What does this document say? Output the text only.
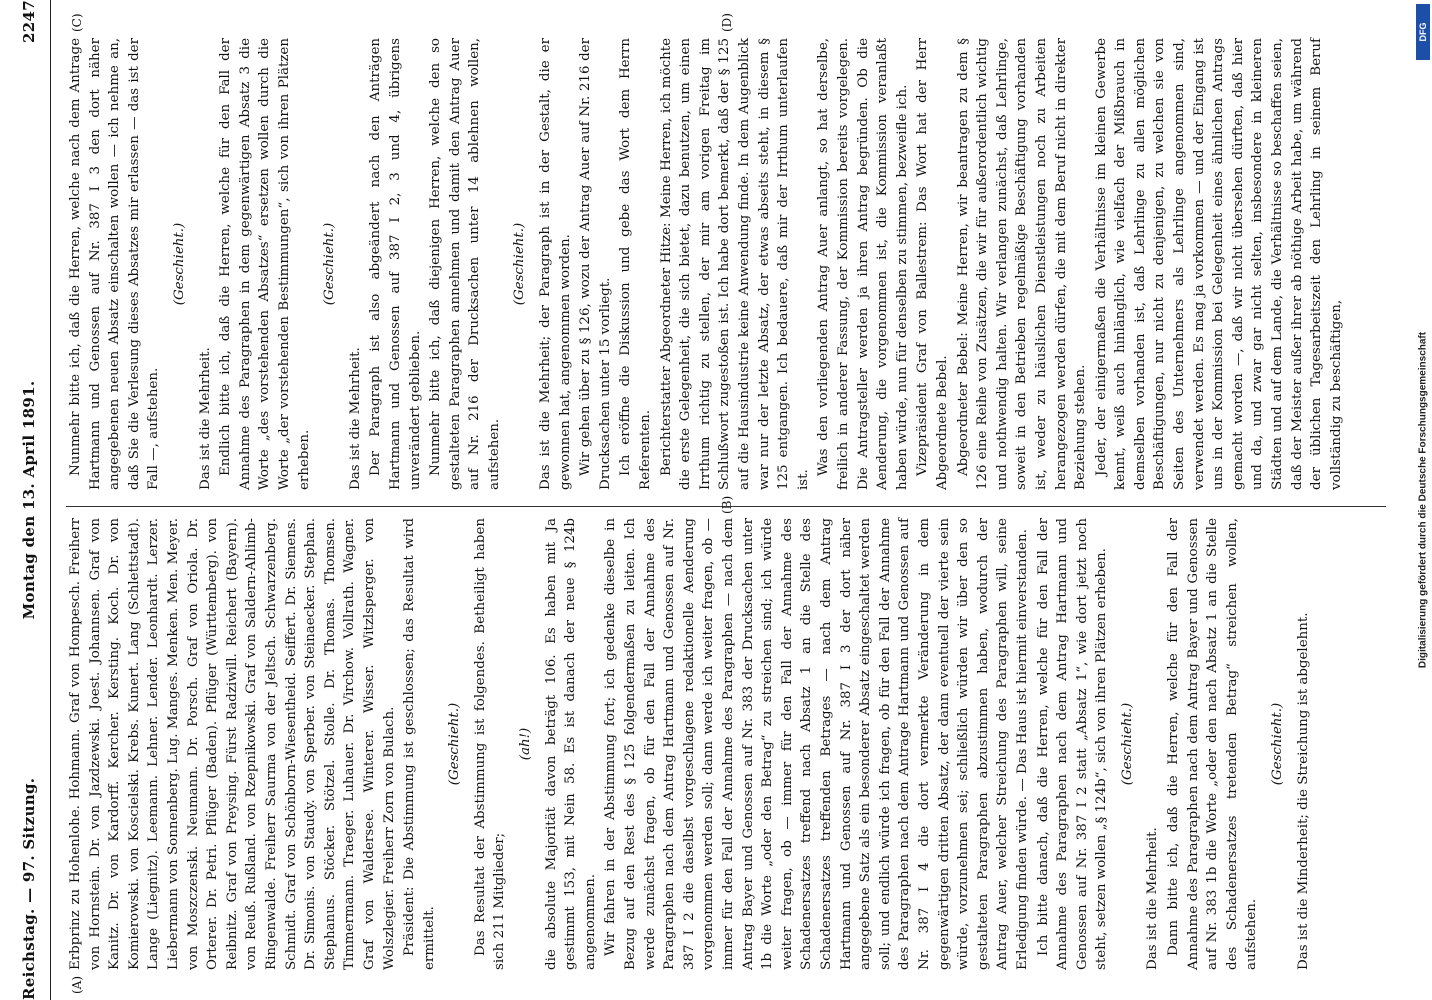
Reichstag. — 97. Sitzung.
Montag den 13. April 1891.
2247
(A)
(B)
(C)	(D)

Erbprinz zu Hohenlohe. Hohmann. Graf von Hompesch. Freiherr von Hornstein. Dr. von Jazdzewski. Joest. Johannsen. Graf von Kanitz. Dr. von Kardorff. Kercher. Kersting. Koch. Dr. von Komierowski. von Koscielski. Krebs. Kunert. Lang (Schlettstadt). Lange (Liegnitz). Leemann. Lehner. Lender. Leonhardt. Lerzer. Liebermann von Sonnenberg. Lug. Manges. Menken. Men. Meyer. von Moszczenski. Neumann. Dr. Porsch. Graf von Oriola. Dr. Orterer. Dr. Petri. Pflüger (Baden). Pflüger (Württemberg). von Reibnitz. Graf von Preysing. Fürst Radziwill. Reichert (Bayern). von Reuß. Rußland. von Rzepnikowski. Graf von Saldern-Ahlimb-Ringenwalde. Freiherr Saurma von der Jeltsch. Schwarzenberg. Schmidt. Graf von Schönborn-Wiesentheid. Seiffert. Dr. Siemens. Dr. Simonis. von Staudy. von Sperber. von Steinaecker. Stephan. Stephanus. Stöcker. Stötzel. Stolle. Dr. Thomas. Thomsen. Timmermann. Traeger. Luhauer. Dr. Virchow. Vollrath. Wagner. Graf von Waldersee. Winterer. Wisser. Witzlsperger. von Wolszlegier. Freiherr Zorn von Bulach. Präsident: Die Abstimmung ist geschlossen; das Resultat wird ermittelt.

(Geschieht.) Das Resultat der Abstimmung ist folgendes. Betheiligt haben sich 211 Mitglieder;

(ah!) die absolute Majorität davon beträgt 106. Es haben mit Ja gestimmt 153, mit Nein 58. Es ist danach der neue § 124b angenommen. Wir fahren in der Abstimmung fort; ich gedenke dieselbe in Bezug auf den Rest des § 125 folgendermaßen zu leiten. Ich werde zunächst fragen, ob für den Fall der Annahme des Paragraphen nach dem Antrag Hartmann und Genossen auf Nr. 387 I 2 die daselbst vorgeschlagene redaktionelle Aenderung vorgenommen werden soll; dann werde ich weiter fragen, ob — immer für den Fall der Annahme des Paragraphen — nach dem Antrag Bayer und Genossen auf Nr. 383 der Drucksachen unter 1b die Worte „oder den Betrag“ zu streichen sind; ich würde weiter fragen, ob — immer für den Fall der Annahme des Schadenersatzes treffend nach Absatz 1 an die Stelle des Schadenersatzes treffenden Betrages — nach dem Antrag Hartmann und Genossen auf Nr. 387 I 3 der dort näher angegebene Satz als ein besonderer Absatz eingeschaltet werden soll; und endlich würde ich fragen, ob für den Fall der Annahme des Paragraphen nach dem Antrage Hartmann und Genossen auf Nr. 387 I 4 die dort vermerkte Veränderung in dem gegenwärtigen dritten Absatz, der dann eventuell der vierte sein würde, vorzunehmen sei; schließlich würden wir über den so gestalteten Paragraphen abzustimmen haben, wodurch der Antrag Auer, welcher Streichung des Paragraphen will, seine Erledigung finden würde. — Das Haus ist hiermit einverstanden. Ich bitte danach, daß die Herren, welche für den Fall der Annahme des Paragraphen nach dem Antrag Hartmann und Genossen auf Nr. 387 I 2 statt „Absatz 1“, wie dort jetzt noch steht, setzen wollen „§ 124b“, sich von ihren Plätzen erheben. (Geschieht.)

Das ist die Mehrheit. Dann bitte ich, daß die Herren, welche für den Fall der Annahme des Paragraphen nach dem Antrag Bayer und Genossen auf Nr. 383 1b die Worte „oder den nach Absatz 1 an die Stelle des Schadenersatzes tretenden Betrag“ streichen wollen, aufstehen.

(Geschieht.) Das ist die Minderheit; die Streichung ist abgelehnt.

Nunmehr bitte ich, daß die Herren, welche nach dem Antrage Hartmann und Genossen auf Nr. 387 I 3 den dort näher angegebenen neuen Absatz einschalten wollen — ich nehme an, daß Sie die Verlesung dieses Absatzes mir erlassen — das ist der Fall —, aufstehen.

(Geschieht.)

Das ist die Mehrheit. Endlich bitte ich, daß die Herren, welche für den Fall der Annahme des Paragraphen in dem gegenwärtigen Absatz 3 die Worte „des vorstehenden Absatzes“ ersetzen wollen durch die Worte „der vorstehenden Bestimmungen“, sich von ihren Plätzen erheben.

(Geschieht.)

Das ist die Mehrheit. Der Paragraph ist also abgeändert nach den Anträgen Hartmann und Genossen auf 387 I 2, 3 und 4, übrigens unverändert geblieben. Nunmehr bitte ich, daß diejenigen Herren, welche den so gestalteten Paragraphen annehmen und damit den Antrag Auer auf Nr. 216 der Drucksachen unter 14 ablehnen wollen, aufstehen.

(Geschieht.) Das ist die Mehrheit; der Paragraph ist in der Gestalt, die er gewonnen hat, angenommen worden. Wir gehen über zu § 126, wozu der Antrag Auer auf Nr. 216 der Drucksachen unter 15 vorliegt. Ich eröffne die Diskussion und gebe das Wort dem Herrn Referenten. Berichterstatter Abgeordneter Hitze: Meine Herren, ich möchte die erste Gelegenheit, die sich bietet, dazu benutzen, um einen Irrthum richtig zu stellen, der mir am vorigen Freitag im Schlußwort zugestoßen ist. Ich habe dort bemerkt, daß der § 125 auf die Hausindustrie keine Anwendung finde. In dem Augenblick war nur der letzte Absatz, der etwas abseits steht, in diesem § 125 entgangen. Ich bedauere, daß mir der Irrthum unterlaufen ist.

Was den vorliegenden Antrag Auer anlangt, so hat derselbe, freilich in anderer Fassung, der Kommission bereits vorgelegen. Die Antragsteller werden ja ihren Antrag begründen. Ob die Aenderung, die vorgenommen ist, die Kommission veranlaßt haben würde, nun für denselben zu stimmen, bezweifle ich. Vizepräsident Graf von Ballestrem: Das Wort hat der Herr Abgeordnete Bebel. Abgeordneter Bebel: Meine Herren, wir beantragen zu dem § 126 eine Reihe von Zusätzen, die wir für außerordentlich wichtig und nothwendig halten. Wir verlangen zunächst, daß Lehrlinge, soweit in den Betrieben regelmäßige Beschäftigung vorhanden ist, weder zu häuslichen Dienstleistungen noch zu Arbeiten herangezogen werden dürfen, die mit dem Beruf nicht in direkter Beziehung stehen. Jeder, der einigermaßen die Verhältnisse im kleinen Gewerbe kennt, weiß auch hinlänglich, wie vielfach der Mißbrauch in demselben vorhanden ist, daß Lehrlinge zu allen möglichen Beschäftigungen, nur nicht zu denjenigen, zu welchen sie von Seiten des Unternehmers als Lehrlinge angenommen sind, verwendet werden. Es mag ja vorkommen — und der Eingang ist uns in der Kommission bei Gelegenheit eines ähnlichen Antrags gemacht worden —, daß wir nicht übersehen dürften, daß hier und da, und zwar gar nicht selten, insbesondere in kleineren Städten und auf dem Lande, die Verhältnisse so beschaffen seien, daß der Meister außer ihrer ab nöthige Arbeit habe, um während der üblichen Tagesarbeitszeit den Lehrling in seinem Beruf vollständig zu beschäftigen,

DFG
Digitalisierung gefördert durch die Deutsche Forschungsgemeinschaft
